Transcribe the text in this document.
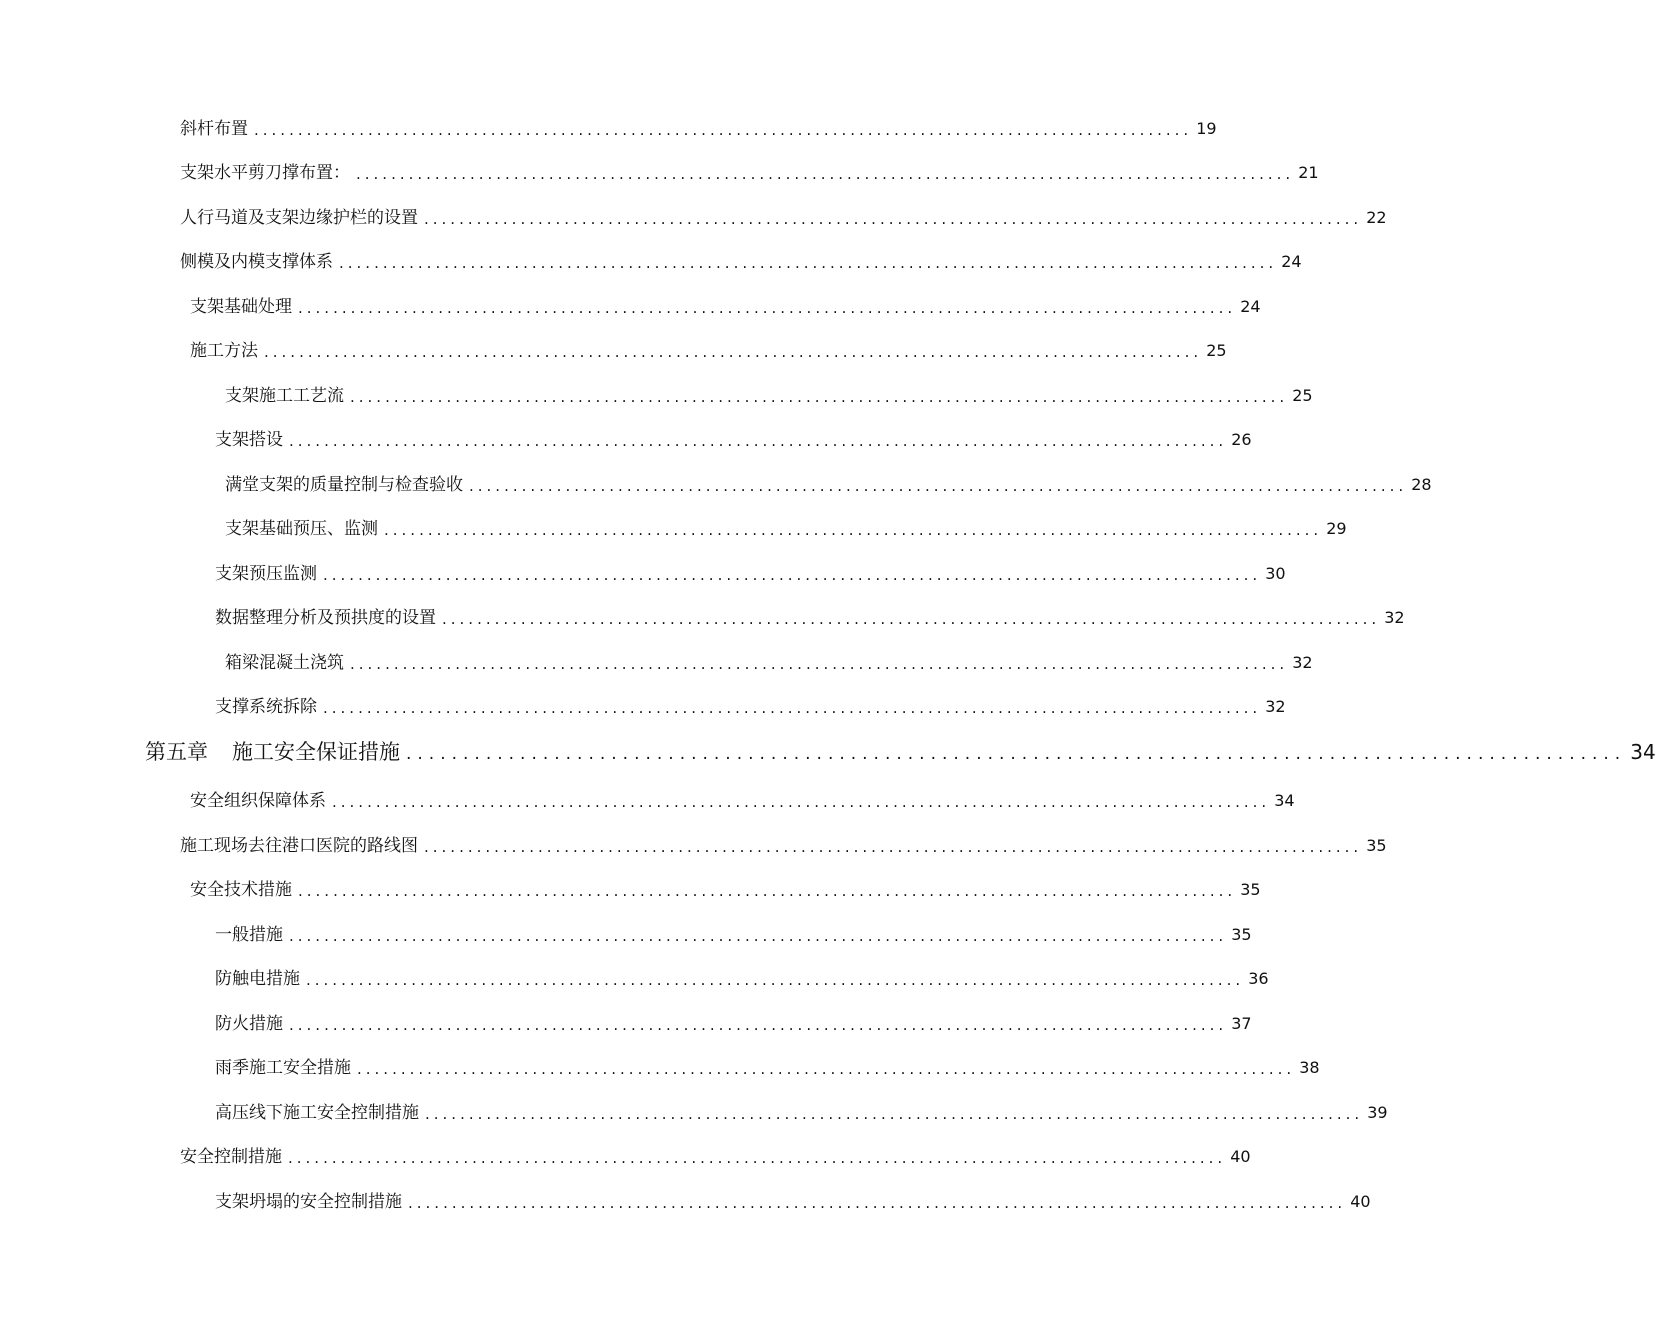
斜杆布置 ........................................................................................................... 19
支架水平剪刀撑布置： ........................................................................................................... 21
人行马道及支架边缘护栏的设置 ........................................................................................................... 22
侧模及内模支撑体系 ........................................................................................................... 24
支架基础处理 ........................................................................................................... 24
施工方法 ........................................................................................................... 25
支架施工工艺流 ........................................................................................................... 25
支架搭设 ........................................................................................................... 26
满堂支架的质量控制与检查验收 ........................................................................................................... 28
支架基础预压、监测 ........................................................................................................... 29
支架预压监测 ........................................................................................................... 30
数据整理分析及预拱度的设置 ........................................................................................................... 32
箱梁混凝土浇筑 ........................................................................................................... 32
支撑系统拆除 ........................................................................................................... 32
第五章 施工安全保证措施 ........................................................................................................... 34
安全组织保障体系 ........................................................................................................... 34
施工现场去往港口医院的路线图 ........................................................................................................... 35
安全技术措施 ........................................................................................................... 35
一般措施 ........................................................................................................... 35
防触电措施 ........................................................................................................... 36
防火措施 ........................................................................................................... 37
雨季施工安全措施 ........................................................................................................... 38
高压线下施工安全控制措施 ........................................................................................................... 39
安全控制措施 ........................................................................................................... 40
支架坍塌的安全控制措施 ........................................................................................................... 40
